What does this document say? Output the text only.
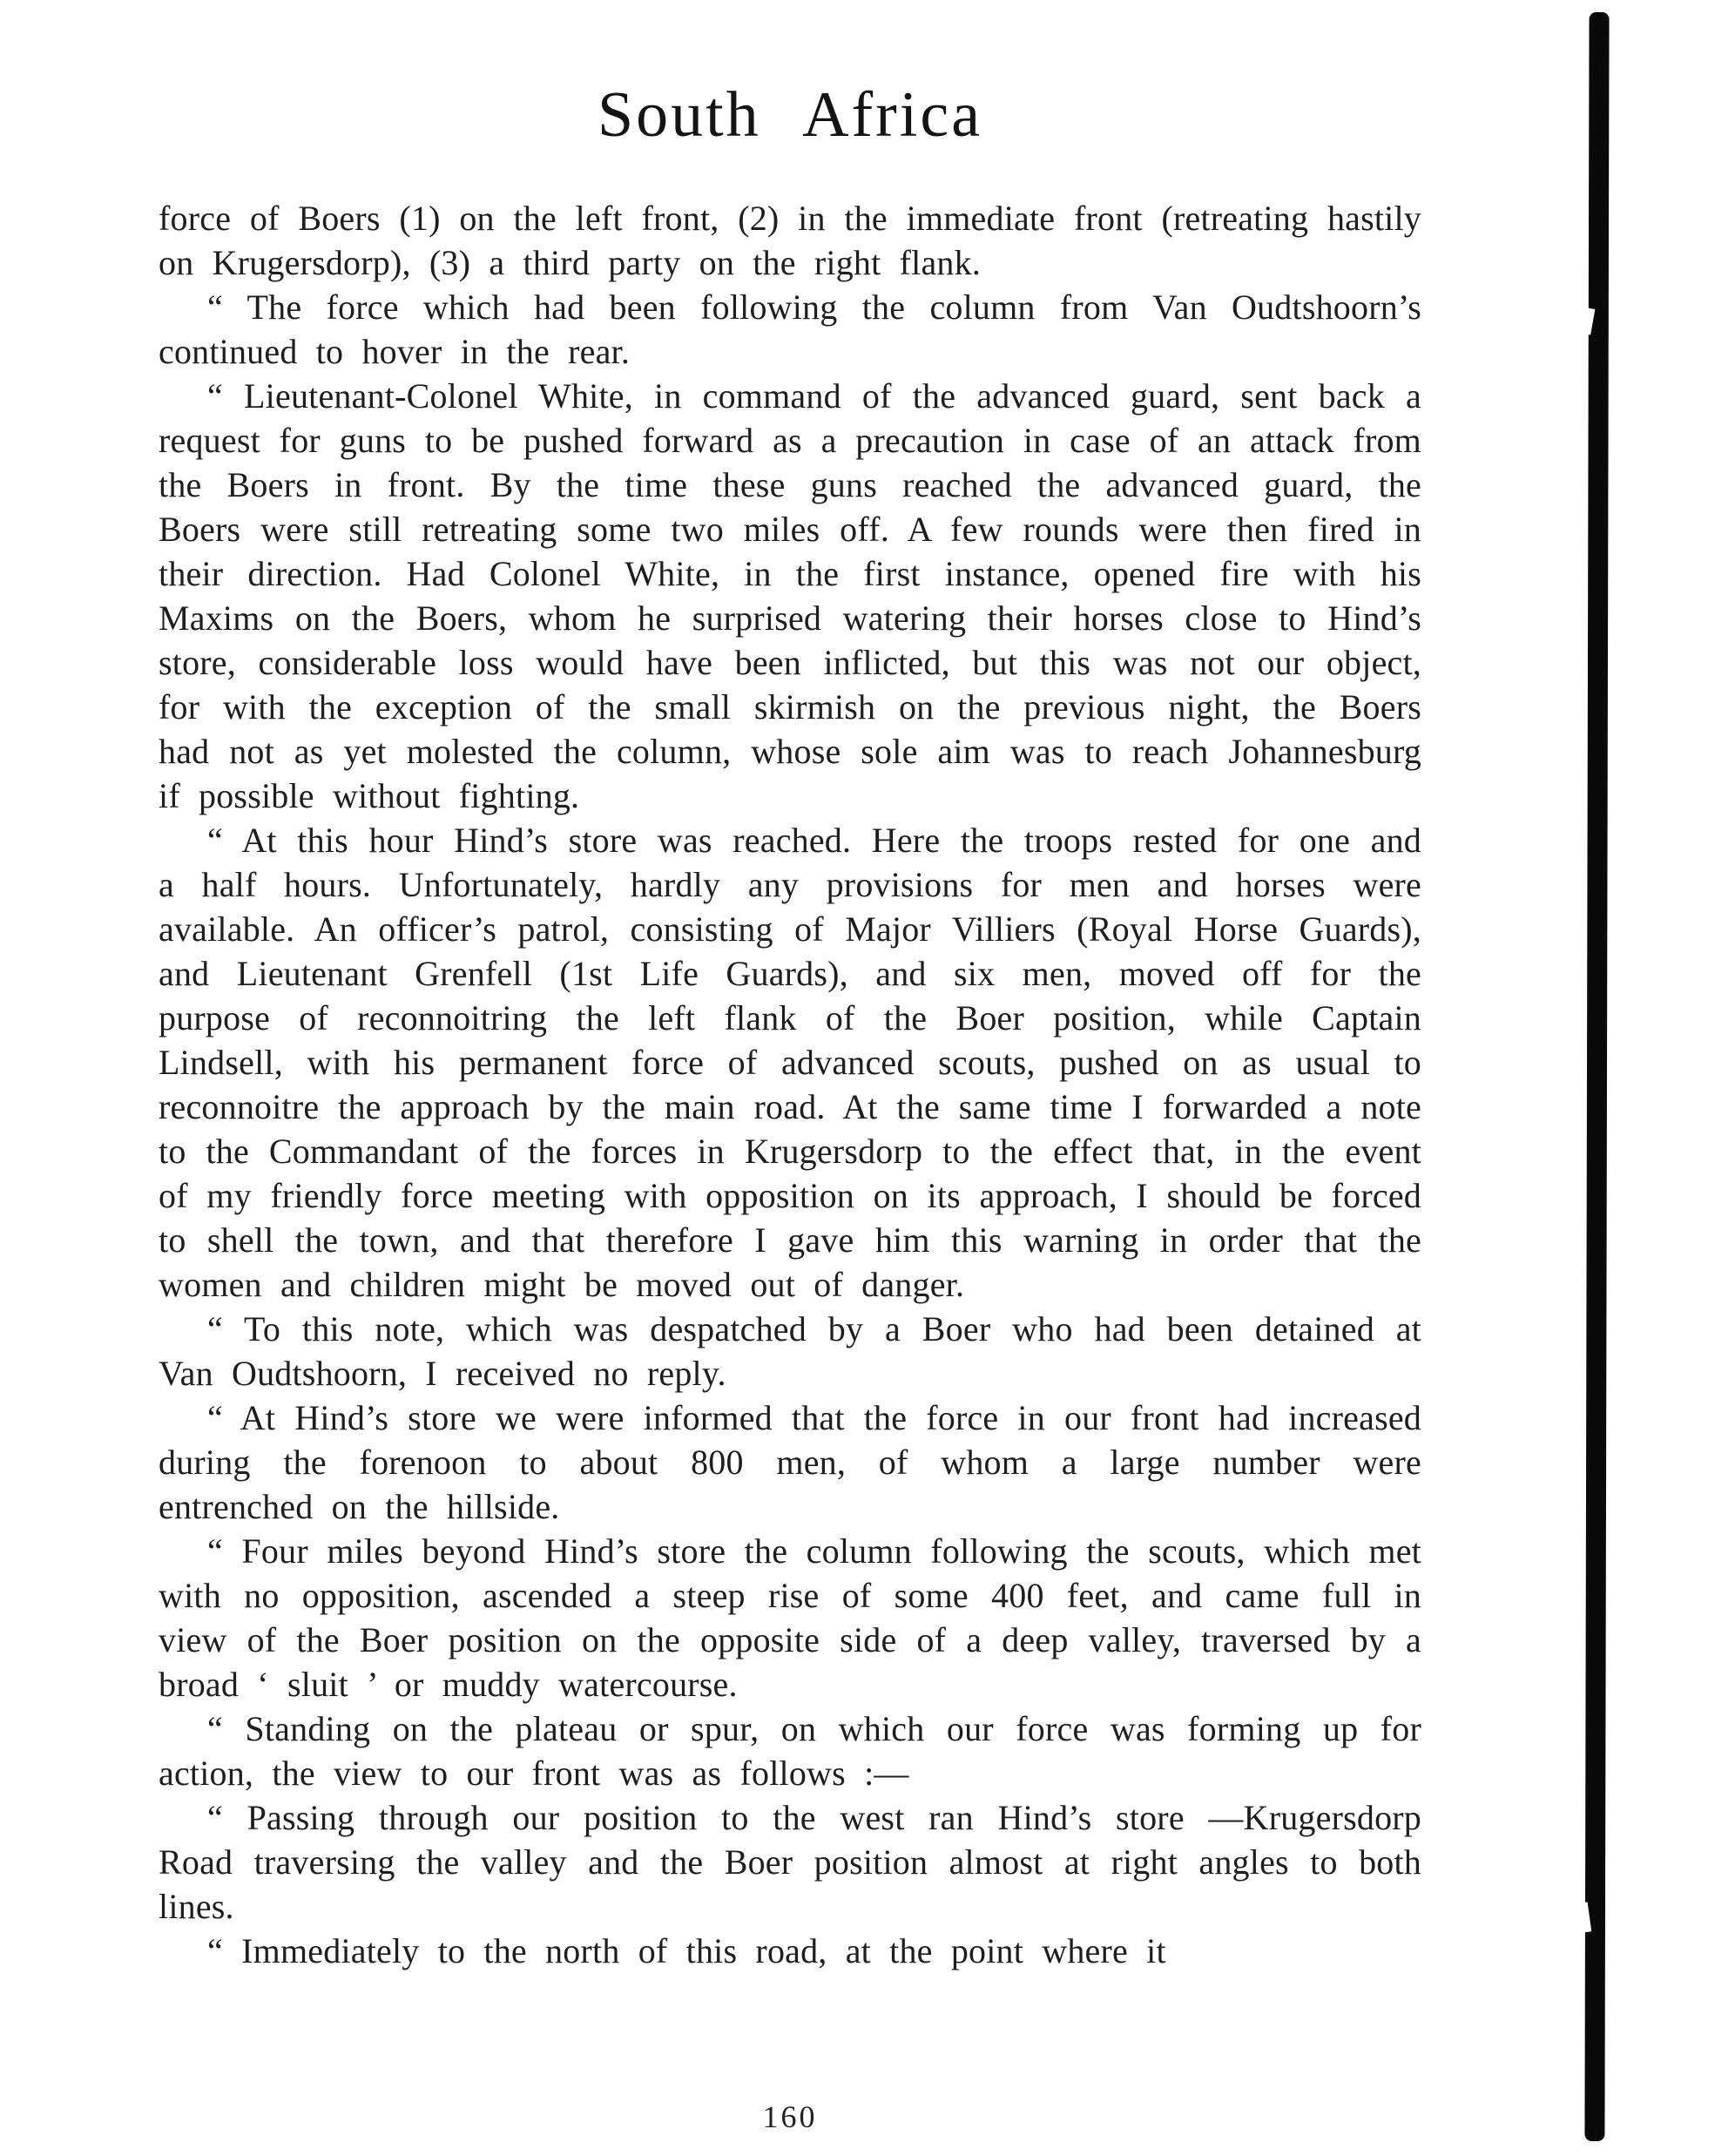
South Africa

force of Boers (1) on the left front, (2) in the immediate front (retreating hastily on Krugersdorp), (3) a third party on the right flank.

“ The force which had been following the column from Van Oudtshoorn’s continued to hover in the rear.

“ Lieutenant-Colonel White, in command of the advanced guard, sent back a request for guns to be pushed forward as a precaution in case of an attack from the Boers in front. By the time these guns reached the advanced guard, the Boers were still retreating some two miles off. A few rounds were then fired in their direction. Had Colonel White, in the first instance, opened fire with his Maxims on the Boers, whom he surprised watering their horses close to Hind’s store, considerable loss would have been inflicted, but this was not our object, for with the exception of the small skirmish on the previous night, the Boers had not as yet molested the column, whose sole aim was to reach Johannesburg if possible without fighting.

“ At this hour Hind’s store was reached. Here the troops rested for one and a half hours. Unfortunately, hardly any provisions for men and horses were available. An officer’s patrol, consisting of Major Villiers (Royal Horse Guards), and Lieutenant Grenfell (1st Life Guards), and six men, moved off for the purpose of reconnoitring the left flank of the Boer position, while Captain Lindsell, with his permanent force of advanced scouts, pushed on as usual to reconnoitre the approach by the main road. At the same time I forwarded a note to the Commandant of the forces in Krugersdorp to the effect that, in the event of my friendly force meeting with opposition on its approach, I should be forced to shell the town, and that therefore I gave him this warning in order that the women and children might be moved out of danger.

“ To this note, which was despatched by a Boer who had been detained at Van Oudtshoorn, I received no reply.

“ At Hind’s store we were informed that the force in our front had increased during the forenoon to about 800 men, of whom a large number were entrenched on the hillside.

“ Four miles beyond Hind’s store the column following the scouts, which met with no opposition, ascended a steep rise of some 400 feet, and came full in view of the Boer position on the opposite side of a deep valley, traversed by a broad ‘ sluit ’ or muddy watercourse.

“ Standing on the plateau or spur, on which our force was forming up for action, the view to our front was as follows :—

“ Passing through our position to the west ran Hind’s store —Krugersdorp Road traversing the valley and the Boer position almost at right angles to both lines.

“ Immediately to the north of this road, at the point where it

160
